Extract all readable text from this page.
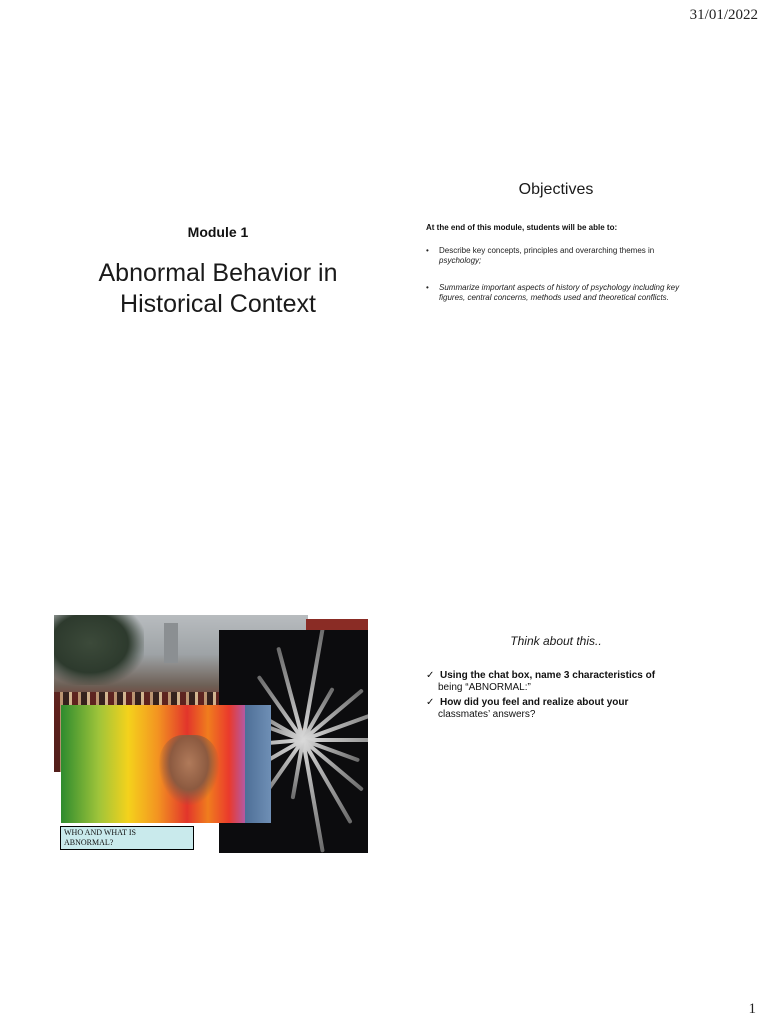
31/01/2022
Module 1
Abnormal Behavior in
Historical Context
Objectives
At the end of this module, students will be able to:
•	Describe key concepts, principles and overarching themes in psychology;
•	Summarize important aspects of history of psychology including key figures, central concerns, methods used and theoretical conflicts.
WHO AND WHAT IS
ABNORMAL?
Think about this..
✓ Using the chat box, name 3 characteristics of
being “ABNORMAL:”
✓ How did you feel and realize about your
classmates’ answers?
1
